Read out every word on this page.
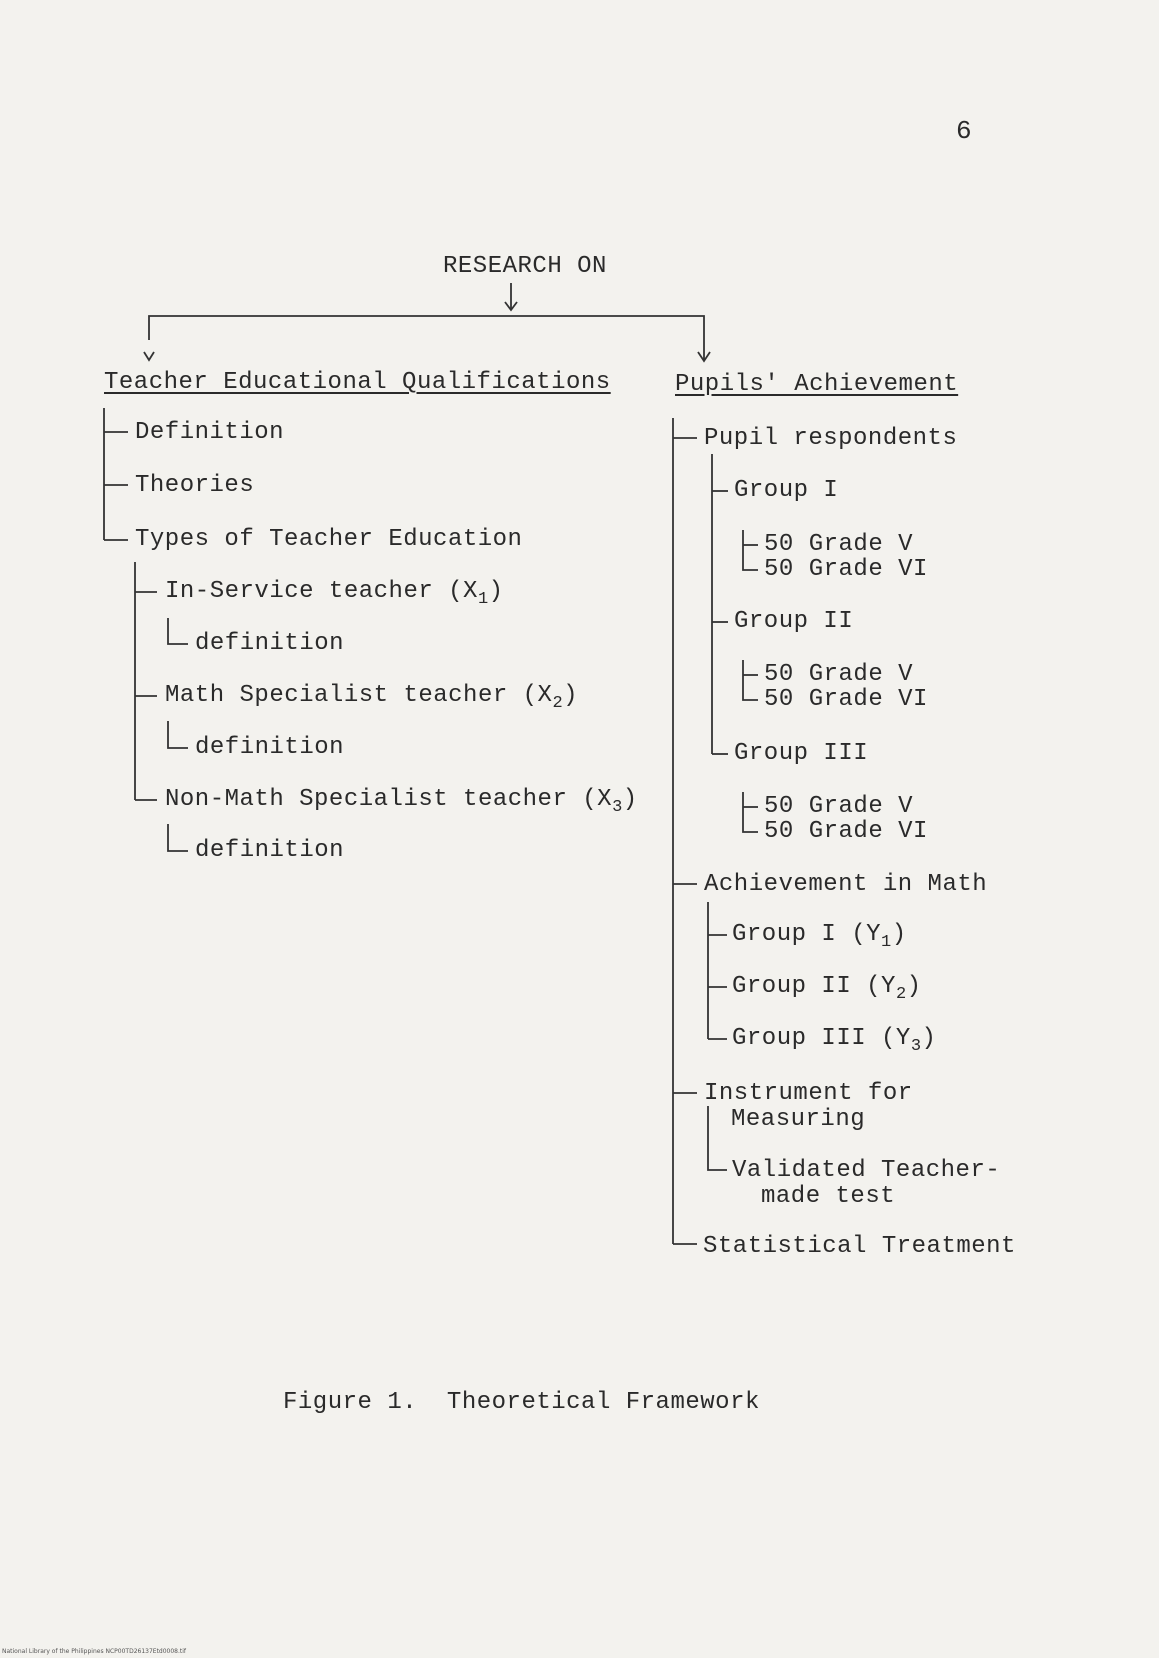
6
RESEARCH ON
Teacher Educational Qualifications
Definition
Theories
Types of Teacher Education
In-Service teacher $(X_1)$
definition
Math Specialist teacher $(X_2)$
definition
Non-Math Specialist teacher $(X_3)$
definition
Pupils' Achievement
Pupil respondents
Group I
50 Grade V
50 Grade VI
Group II
50 Grade V
50 Grade VI
Group III
50 Grade V
50 Grade VI
Achievement in Math
Group I $(Y_1)$
Group II $(Y_2)$
Group III $(Y_3)$
Instrument for
Measuring
Validated Teacher-
made test
Statistical Treatment
Figure 1.  Theoretical Framework
National Library of the Philippines NCP00TD26137Etd0008.tif
